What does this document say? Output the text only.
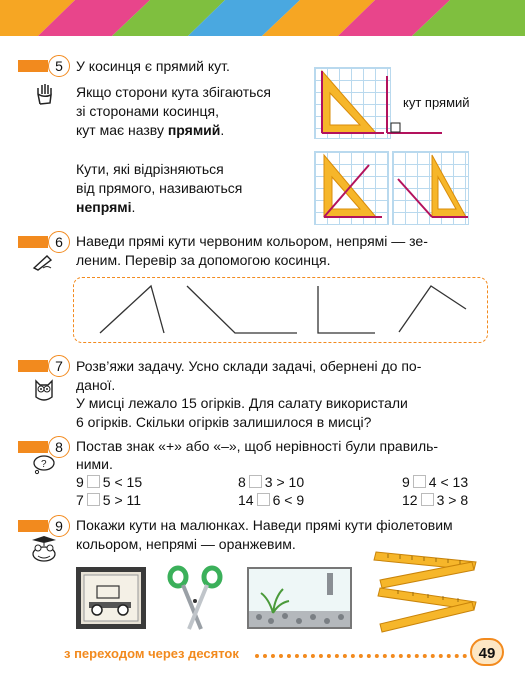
5 У косинця є прямий кут.
Якщо сторони кута збігаються
зі сторонами косинця,
кут має назву прямий.
Кути, які відрізняються
від прямого, називаються
непрямі.
кут прямий
6 Наведи прямі кути червоним кольором, непрямі — зе-
леним. Перевір за допомогою косинця.
7 Розв’яжи задачу. Усно склади задачі, обернені до по-
даної.
У мисці лежало 15 огірків. Для салату використали
6 огірків. Скільки огірків залишилося в мисці?
8
?
Постав знак «+» або «–», щоб нерівності були правиль-
ними.
9 5 < 15	8 3 > 10	9 4 < 13
7 5 > 11	14 6 < 9	12 3 > 8
9 Покажи кути на малюнках. Наведи прямі кути фіолетовим
кольором, непрямі — оранжевим.
з переходом через десяток	49
